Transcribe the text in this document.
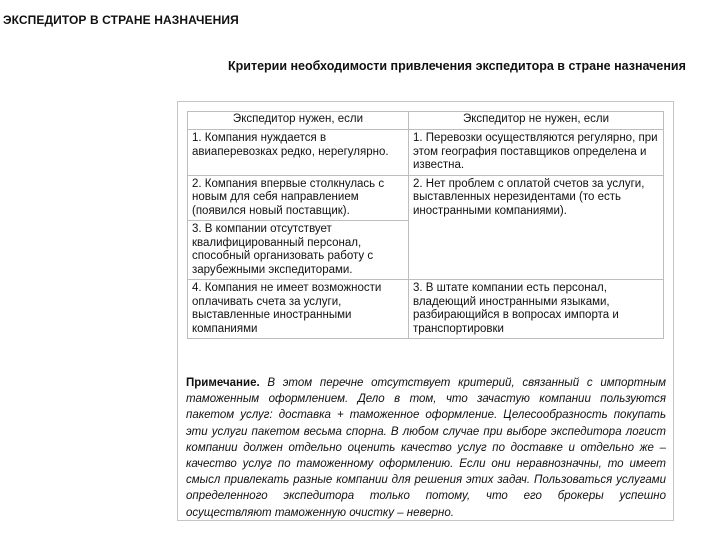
ЭКСПЕДИТОР В СТРАНЕ НАЗНАЧЕНИЯ
Критерии необходимости привлечения экспедитора в стране назначения
Экспедитор нужен, если	Экспедитор не нужен, если
1. Компания нуждается в авиаперевозках редко, нерегулярно.	1. Перевозки осуществляются регулярно, при этом география поставщиков определена и известна.
2. Компания впервые столкнулась с новым для себя направлением (появился новый поставщик).	2. Нет проблем с оплатой счетов за услуги, выставленных нерезидентами (то есть иностранными компаниями).
3. В компании отсутствует квалифицированный персонал, способный организовать работу с зарубежными экспедиторами.	
4. Компания не имеет возможности оплачивать счета за услуги, выставленные иностранными компаниями	3. В штате компании есть персонал, владеющий иностранными языками, разбирающийся в вопросах импорта и транспортировки
Примечание. В этом перечне отсутствует критерий, связанный с импортным таможенным оформлением. Дело в том, что зачастую компании пользуются пакетом услуг: доставка + таможенное оформление. Целесообразность покупать эти услуги пакетом весьма спорна. В любом случае при выборе экспедитора логист компании должен отдельно оценить качество услуг по доставке и отдельно же – качество услуг по таможенному оформлению. Если они неравнозначны, то имеет смысл привлекать разные компании для решения этих задач. Пользоваться услугами определенного экспедитора только потому, что его брокеры успешно осуществляют таможенную очистку – неверно.
